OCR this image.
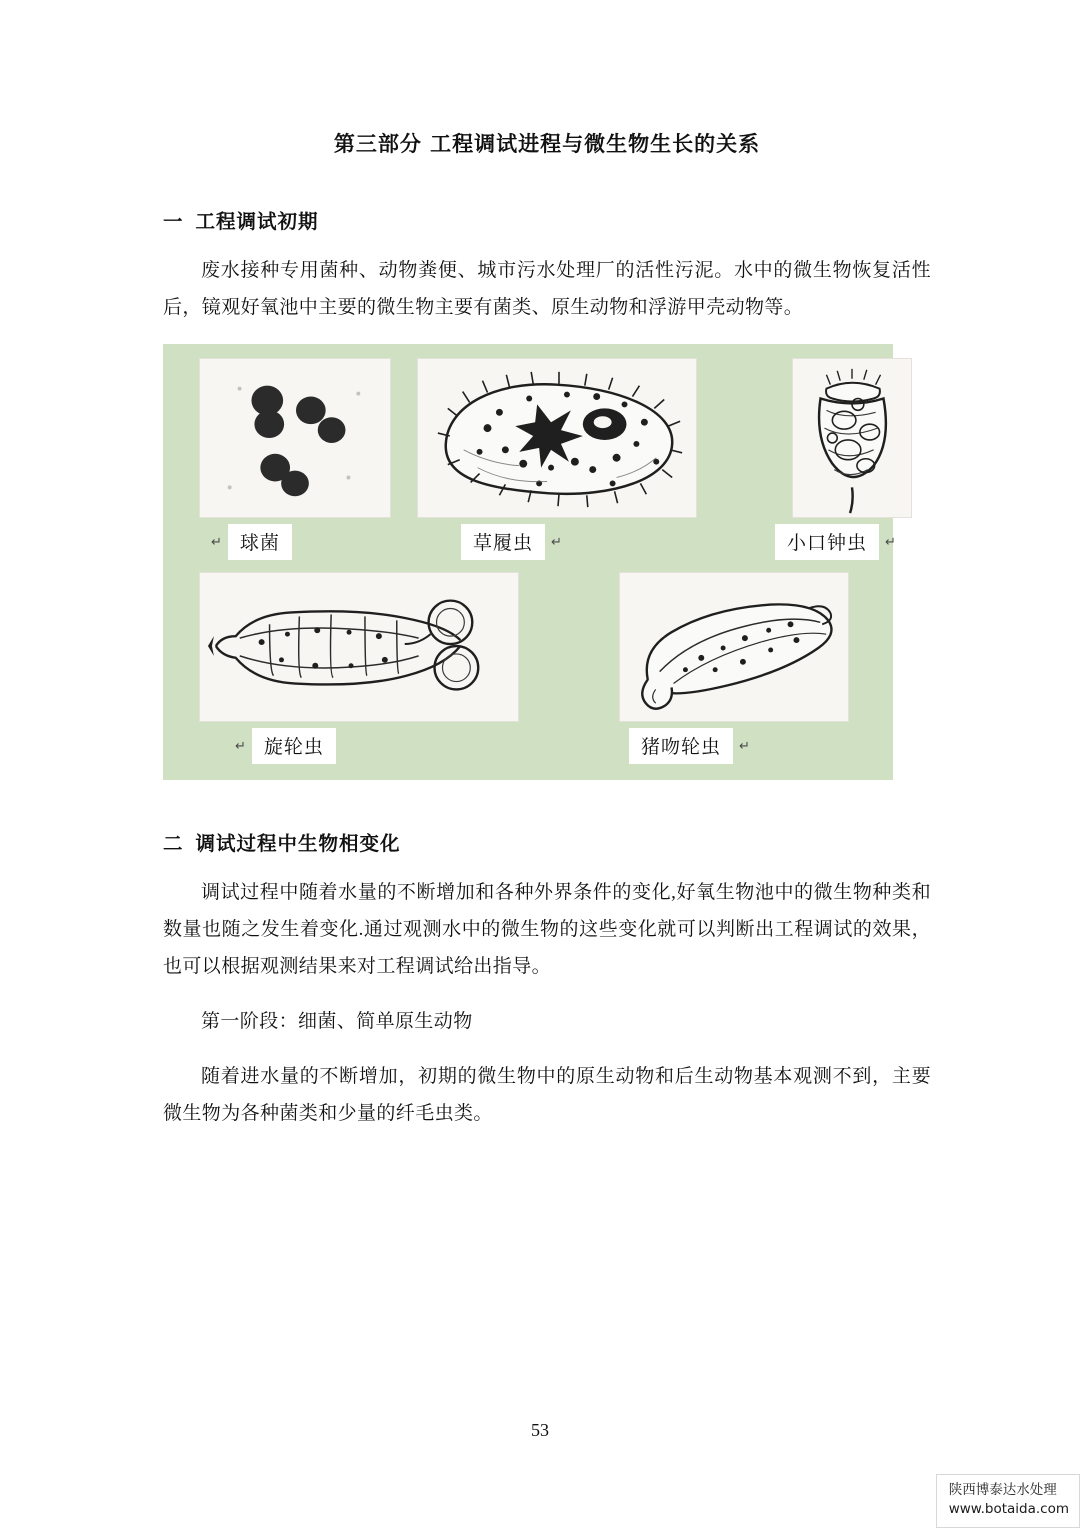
第三部分 工程调试进程与微生物生长的关系
一 工程调试初期

废水接种专用菌种、动物粪便、城市污水处理厂的活性污泥。水中的微生物恢复活性后，镜观好氧池中主要的微生物主要有菌类、原生动物和浮游甲壳动物等。

↵ 球菌	草履虫	↵	小口钟虫	↵
↵ 旋轮虫	猪吻轮虫	↵
二 调试过程中生物相变化

调试过程中随着水量的不断增加和各种外界条件的变化,好氧生物池中的微生物种类和数量也随之发生着变化.通过观测水中的微生物的这些变化就可以判断出工程调试的效果，也可以根据观测结果来对工程调试给出指导。

第一阶段：细菌、简单原生动物

随着进水量的不断增加，初期的微生物中的原生动物和后生动物基本观测不到，主要微生物为各种菌类和少量的纤毛虫类。

53
陕西博泰达水处理
www.botaida.com
